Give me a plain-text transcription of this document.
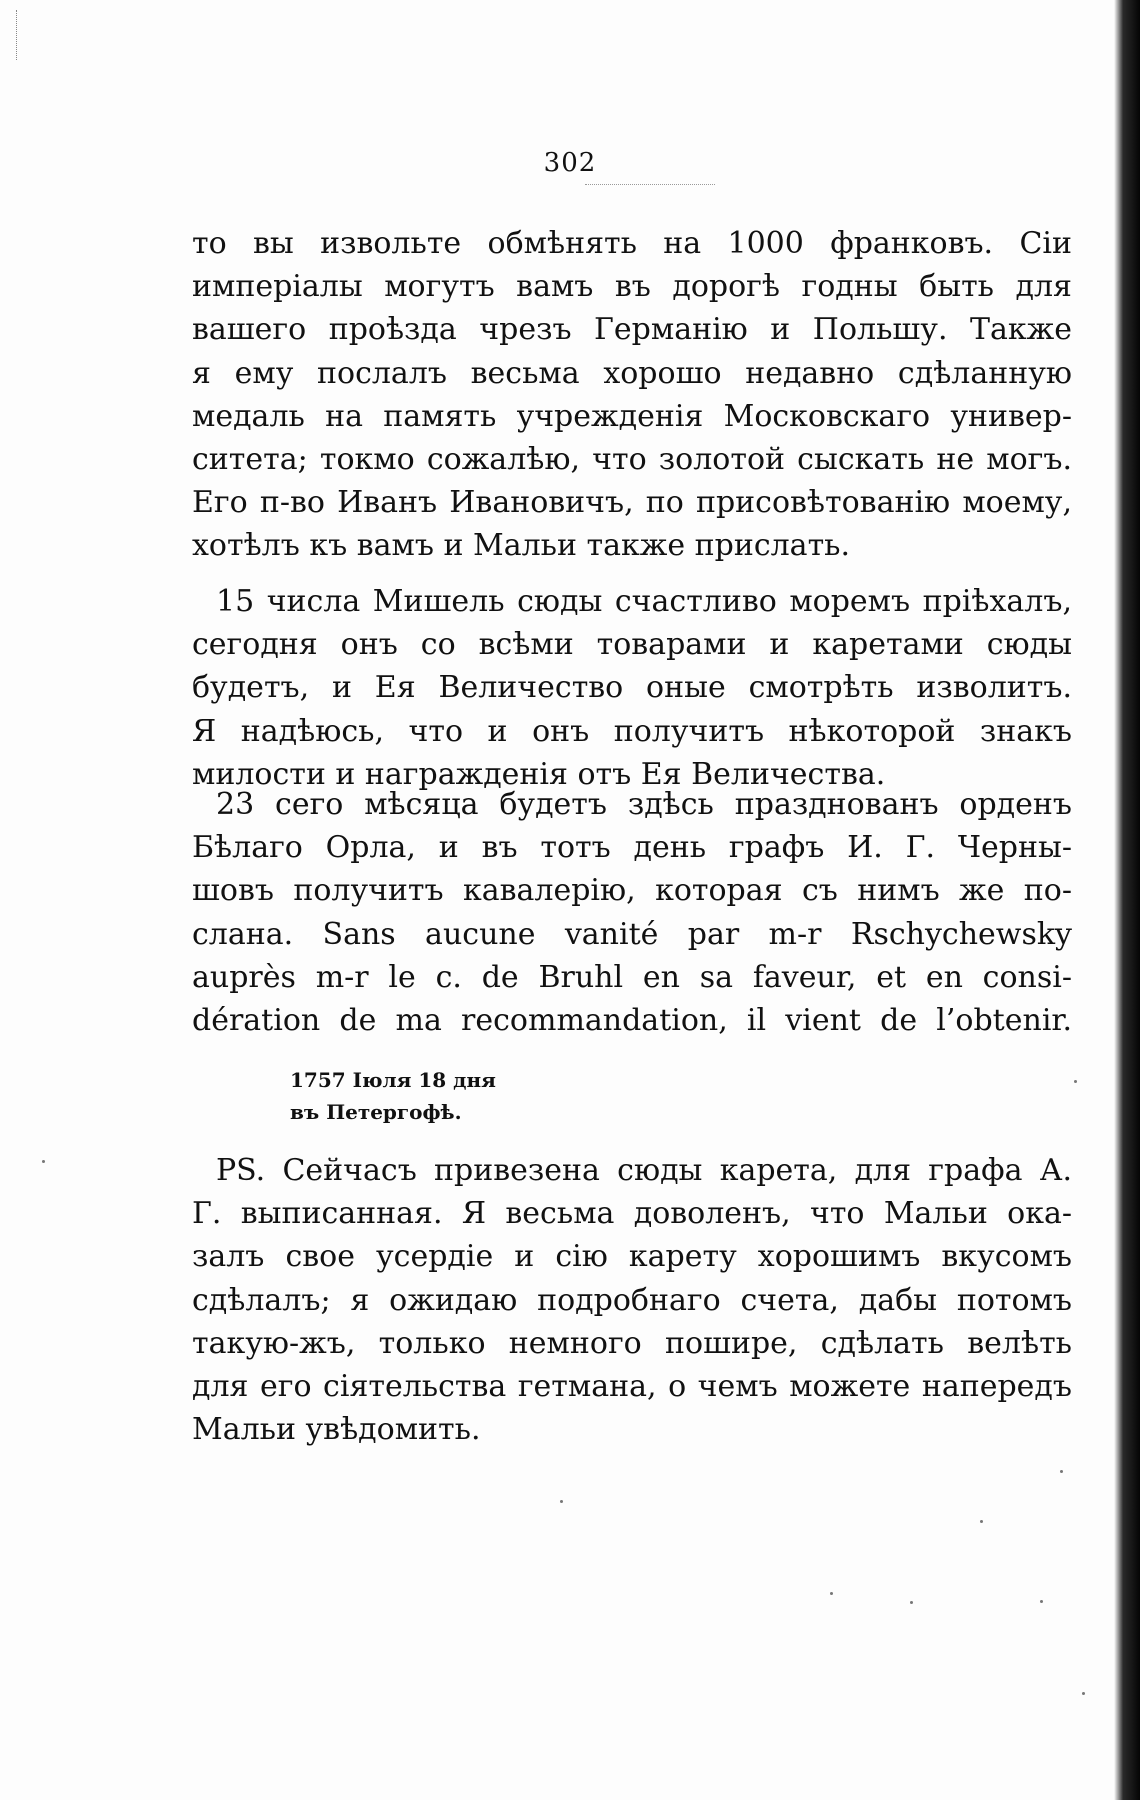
302
то вы извольте обмѣнять на 1000 франковъ. Сіи
имперіалы могутъ вамъ въ дорогѣ годны быть для
вашего проѣзда чрезъ Германію и Польшу. Также
я ему послалъ весьма хорошо недавно сдѣланную
медаль на память учрежденія Московскаго универ-
ситета; токмо сожалѣю, что золотой сыскать не могъ.
Его п-во Иванъ Ивановичъ, по присовѣтованію моему,
хотѣлъ къ вамъ и Мальи также прислать.
15 числа Мишель сюды счастливо моремъ пріѣхалъ,
сегодня онъ со всѣми товарами и каретами сюды
будетъ, и Ея Величество оные смотрѣть изволитъ.
Я надѣюсь, что и онъ получитъ нѣкоторой знакъ
милости и награжденія отъ Ея Величества.
23 сего мѣсяца будетъ здѣсь празднованъ орденъ
Бѣлаго Орла, и въ тотъ день графъ И. Г. Черны-
шовъ получитъ кавалерію, которая съ нимъ же по-
слана. Sans aucune vanité par m-r Rschychewsky
auprès m-r le c. de Bruhl en sa faveur, et en consi-
dération de ma recommandation, il vient de l’obtenir.
1757 Іюля 18 дня
въ Петергофѣ.
PS. Сейчасъ привезена сюды карета, для графа А.
Г. выписанная. Я весьма доволенъ, что Мальи ока-
залъ свое усердіе и сію карету хорошимъ вкусомъ
сдѣлалъ; я ожидаю подробнаго счета, дабы потомъ
такую-жъ, только немного пошире, сдѣлать велѣть
для его сіятельства гетмана, о чемъ можете напередъ
Мальи увѣдомить.
